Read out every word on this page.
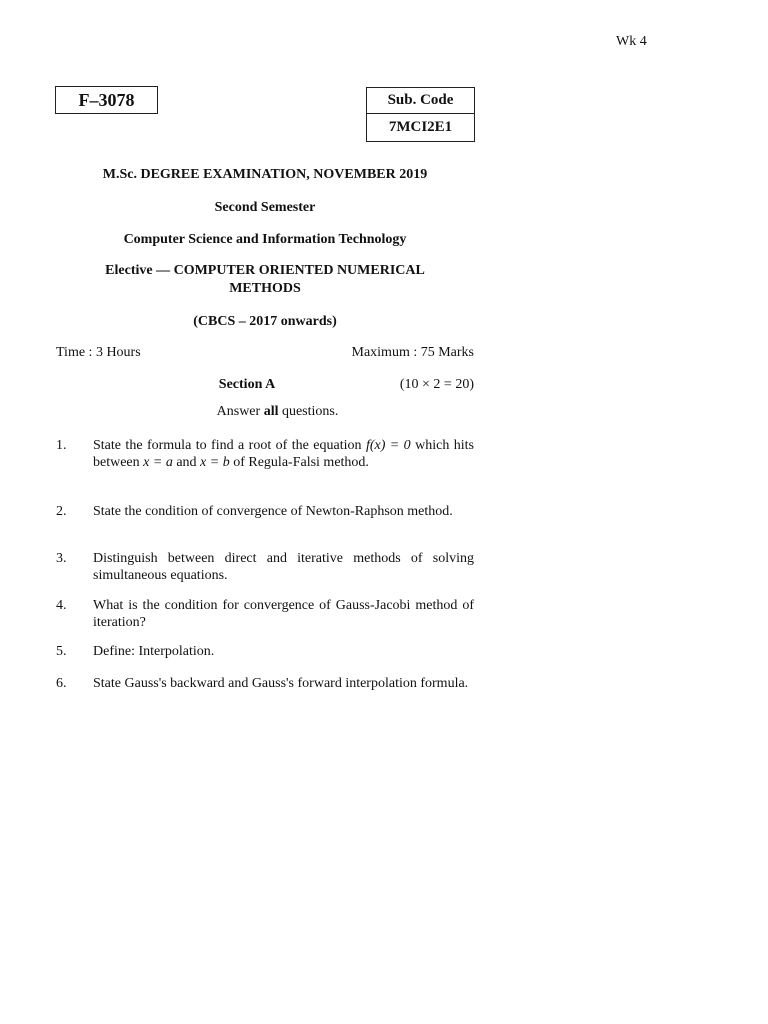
Wk 4
F–3078	Sub. Code
7MCI2E1
M.Sc. DEGREE EXAMINATION, NOVEMBER 2019
Second Semester
Computer Science and Information Technology
Elective — COMPUTER ORIENTED NUMERICAL
METHODS
(CBCS – 2017 onwards)
Time : 3 Hours	Maximum : 75 Marks
Section A	(10 × 2 = 20)
Answer all questions.
1.	State the formula to find a root of the equation f(x) = 0 which hits between x = a and x = b of Regula-Falsi method.
2.	State the condition of convergence of Newton-Raphson method.
3.	Distinguish between direct and iterative methods of solving simultaneous equations.
4.	What is the condition for convergence of Gauss-Jacobi method of iteration?
5.	Define: Interpolation.
6.	State Gauss's backward and Gauss's forward interpolation formula.
